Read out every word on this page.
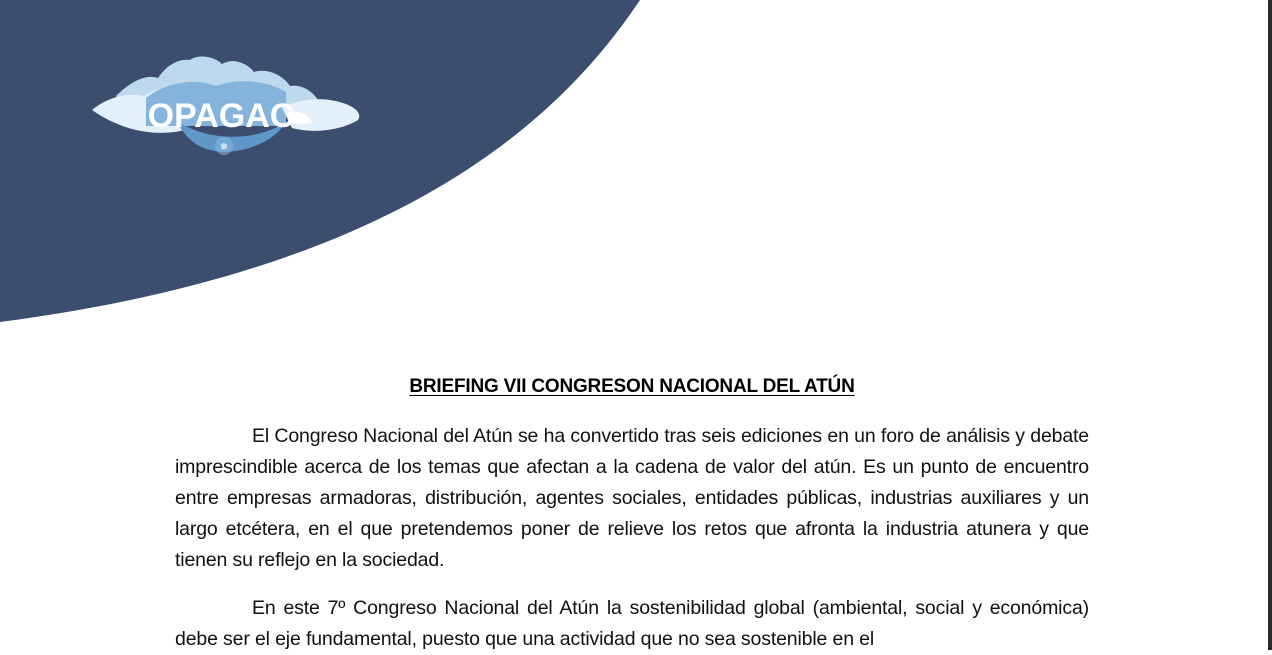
❄
OPAGAC
BRIEFING VII CONGRESON NACIONAL DEL ATÚN

El Congreso Nacional del Atún se ha convertido tras seis ediciones en un foro de análisis y debate imprescindible acerca de los temas que afectan a la cadena de valor del atún. Es un punto de encuentro entre empresas armadoras, distribución, agentes sociales, entidades públicas, industrias auxiliares y un largo etcétera, en el que pretendemos poner de relieve los retos que afronta la industria atunera y que tienen su reflejo en la sociedad.

En este 7º Congreso Nacional del Atún la sostenibilidad global (ambiental, social y económica) debe ser el eje fundamental, puesto que una actividad que no sea sostenible en el
